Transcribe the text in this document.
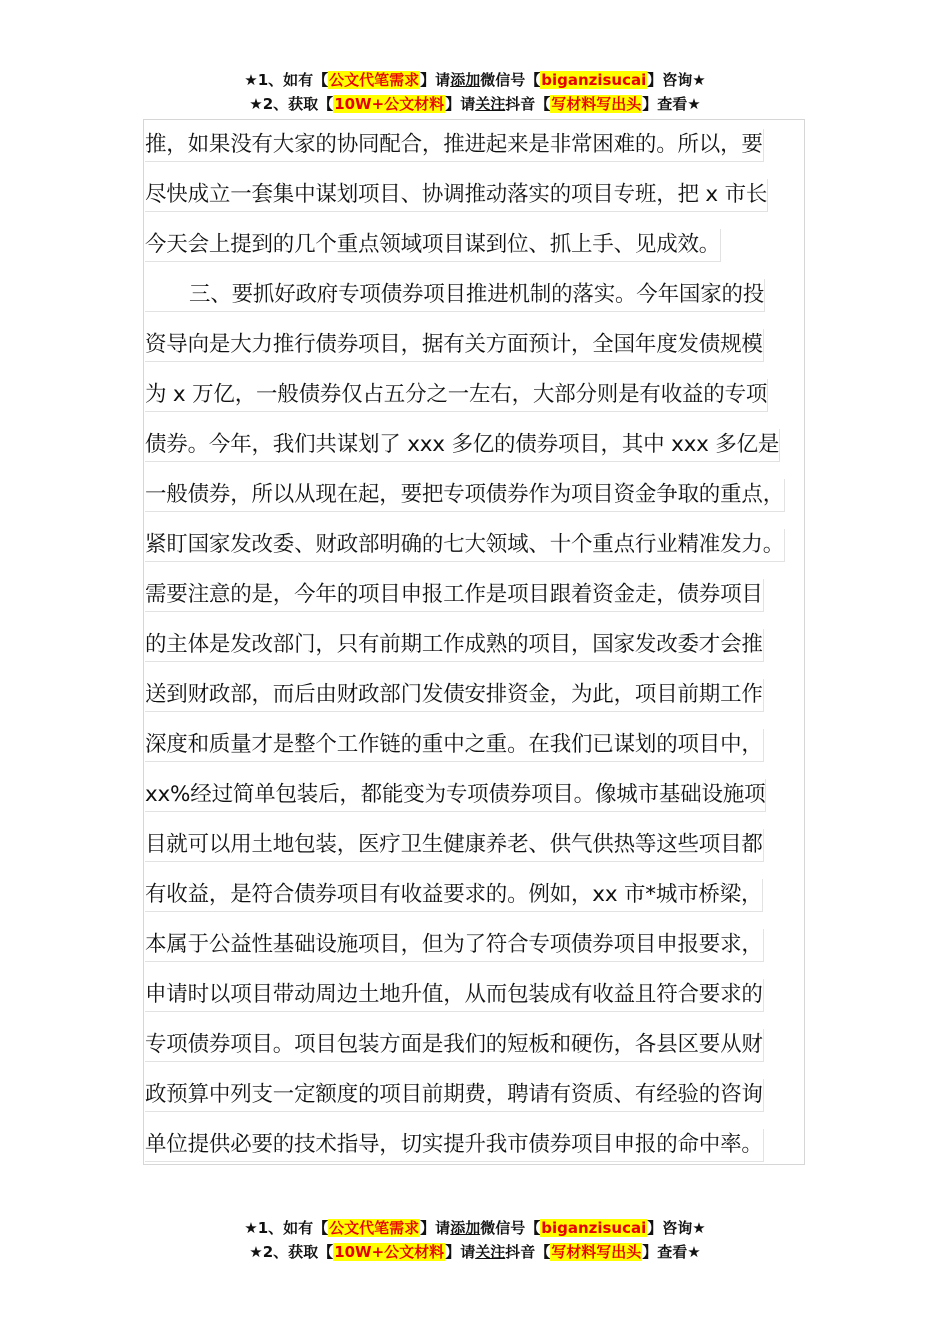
★1、如有【公文代笔需求】请添加微信号【biganzisucai】咨询★
★2、获取【10W+公文材料】请关注抖音【写材料写出头】查看★
推，如果没有大家的协同配合，推进起来是非常困难的。所以，要
尽快成立一套集中谋划项目、协调推动落实的项目专班，把 x 市长
今天会上提到的几个重点领域项目谋到位、抓上手、见成效。
三、要抓好政府专项债券项目推进机制的落实。今年国家的投
资导向是大力推行债券项目，据有关方面预计，全国年度发债规模
为 x 万亿，一般债券仅占五分之一左右，大部分则是有收益的专项
债券。今年，我们共谋划了 xxx 多亿的债券项目，其中 xxx 多亿是
一般债券，所以从现在起，要把专项债券作为项目资金争取的重点，
紧盯国家发改委、财政部明确的七大领域、十个重点行业精准发力。
需要注意的是，今年的项目申报工作是项目跟着资金走，债券项目
的主体是发改部门，只有前期工作成熟的项目，国家发改委才会推
送到财政部，而后由财政部门发债安排资金，为此，项目前期工作
深度和质量才是整个工作链的重中之重。在我们已谋划的项目中，
xx%经过简单包装后，都能变为专项债券项目。像城市基础设施项
目就可以用土地包装，医疗卫生健康养老、供气供热等这些项目都
有收益，是符合债券项目有收益要求的。例如，xx 市*城市桥梁，
本属于公益性基础设施项目，但为了符合专项债券项目申报要求，
申请时以项目带动周边土地升值，从而包装成有收益且符合要求的
专项债券项目。项目包装方面是我们的短板和硬伤，各县区要从财
政预算中列支一定额度的项目前期费，聘请有资质、有经验的咨询
单位提供必要的技术指导，切实提升我市债券项目申报的命中率。
★1、如有【公文代笔需求】请添加微信号【biganzisucai】咨询★
★2、获取【10W+公文材料】请关注抖音【写材料写出头】查看★
